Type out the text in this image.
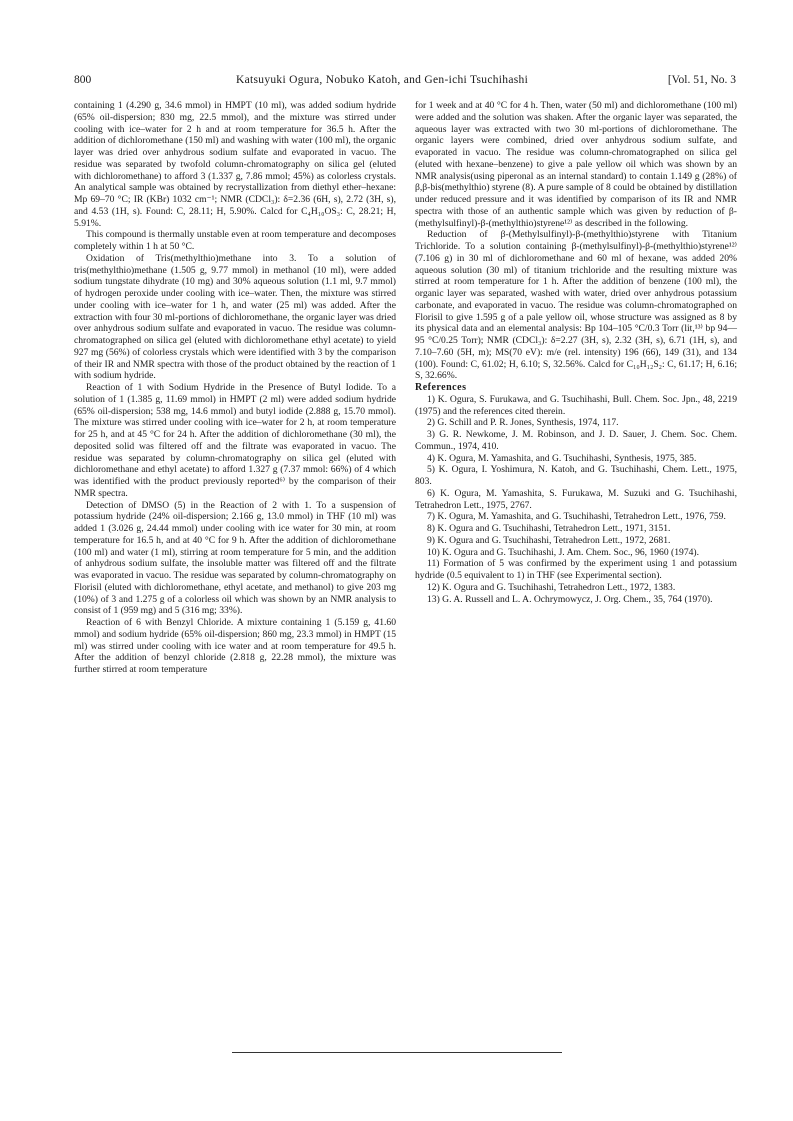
800	Katsuyuki Ogura, Nobuko Katoh, and Gen-ichi Tsuchihashi	[Vol. 51, No. 3

containing 1 (4.290 g, 34.6 mmol) in HMPT (10 ml), was added sodium hydride (65% oil-dispersion; 830 mg, 22.5 mmol), and the mixture was stirred under cooling with ice–water for 2 h and at room temperature for 36.5 h. After the addition of dichloromethane (150 ml) and washing with water (100 ml), the organic layer was dried over anhydrous sodium sulfate and evaporated in vacuo. The residue was separated by twofold column-chromatography on silica gel (eluted with dichloromethane) to afford 3 (1.337 g, 7.86 mmol; 45%) as colorless crystals. An analytical sample was obtained by recrystallization from diethyl ether–hexane: Mp 69–70 °C; IR (KBr) 1032 cm⁻¹; NMR (CDCl₃): δ=2.36 (6H, s), 2.72 (3H, s), and 4.53 (1H, s). Found: C, 28.11; H, 5.90%. Calcd for C₄H₁₀OS₃: C, 28.21; H, 5.91%.

This compound is thermally unstable even at room temperature and decomposes completely within 1 h at 50 °C.

Oxidation of Tris(methylthio)methane into 3. To a solution of tris(methylthio)methane (1.505 g, 9.77 mmol) in methanol (10 ml), were added sodium tungstate dihydrate (10 mg) and 30% aqueous solution (1.1 ml, 9.7 mmol) of hydrogen peroxide under cooling with ice–water. Then, the mixture was stirred under cooling with ice–water for 1 h, and water (25 ml) was added. After the extraction with four 30 ml-portions of dichloromethane, the organic layer was dried over anhydrous sodium sulfate and evaporated in vacuo. The residue was column-chromatographed on silica gel (eluted with dichloromethane ethyl acetate) to yield 927 mg (56%) of colorless crystals which were identified with 3 by the comparison of their IR and NMR spectra with those of the product obtained by the reaction of 1 with sodium hydride.

Reaction of 1 with Sodium Hydride in the Presence of Butyl Iodide. To a solution of 1 (1.385 g, 11.69 mmol) in HMPT (2 ml) were added sodium hydride (65% oil-dispersion; 538 mg, 14.6 mmol) and butyl iodide (2.888 g, 15.70 mmol). The mixture was stirred under cooling with ice–water for 2 h, at room temperature for 25 h, and at 45 °C for 24 h. After the addition of dichloromethane (30 ml), the deposited solid was filtered off and the filtrate was evaporated in vacuo. The residue was separated by column-chromatography on silica gel (eluted with dichloromethane and ethyl acetate) to afford 1.327 g (7.37 mmol: 66%) of 4 which was identified with the product previously reported⁶⁾ by the comparison of their NMR spectra.

Detection of DMSO (5) in the Reaction of 2 with 1. To a suspension of potassium hydride (24% oil-dispersion; 2.166 g, 13.0 mmol) in THF (10 ml) was added 1 (3.026 g, 24.44 mmol) under cooling with ice water for 30 min, at room temperature for 16.5 h, and at 40 °C for 9 h. After the addition of dichloromethane (100 ml) and water (1 ml), stirring at room temperature for 5 min, and the addition of anhydrous sodium sulfate, the insoluble matter was filtered off and the filtrate was evaporated in vacuo. The residue was separated by column-chromatography on Florisil (eluted with dichloromethane, ethyl acetate, and methanol) to give 203 mg (10%) of 3 and 1.275 g of a colorless oil which was shown by an NMR analysis to consist of 1 (959 mg) and 5 (316 mg; 33%).

Reaction of 6 with Benzyl Chloride. A mixture containing 1 (5.159 g, 41.60 mmol) and sodium hydride (65% oil-dispersion; 860 mg, 23.3 mmol) in HMPT (15 ml) was stirred under cooling with ice water and at room temperature for 49.5 h. After the addition of benzyl chloride (2.818 g, 22.28 mmol), the mixture was further stirred at room temperature

for 1 week and at 40 °C for 4 h. Then, water (50 ml) and dichloromethane (100 ml) were added and the solution was shaken. After the organic layer was separated, the aqueous layer was extracted with two 30 ml-portions of dichloromethane. The organic layers were combined, dried over anhydrous sodium sulfate, and evaporated in vacuo. The residue was column-chromatographed on silica gel (eluted with hexane–benzene) to give a pale yellow oil which was shown by an NMR analysis(using piperonal as an internal standard) to contain 1.149 g (28%) of β,β-bis(methylthio) styrene (8). A pure sample of 8 could be obtained by distillation under reduced pressure and it was identified by comparison of its IR and NMR spectra with those of an authentic sample which was given by reduction of β-(methylsulfinyl)-β-(methylthio)styrene¹²⁾ as described in the following.

Reduction of β-(Methylsulfinyl)-β-(methylthio)styrene with Titanium Trichloride. To a solution containing β-(methylsulfinyl)-β-(methylthio)styrene¹²⁾ (7.106 g) in 30 ml of dichloromethane and 60 ml of hexane, was added 20% aqueous solution (30 ml) of titanium trichloride and the resulting mixture was stirred at room temperature for 1 h. After the addition of benzene (100 ml), the organic layer was separated, washed with water, dried over anhydrous potassium carbonate, and evaporated in vacuo. The residue was column-chromatographed on Florisil to give 1.595 g of a pale yellow oil, whose structure was assigned as 8 by its physical data and an elemental analysis: Bp 104–105 °C/0.3 Torr (lit,¹³⁾ bp 94—95 °C/0.25 Torr); NMR (CDCl₃): δ=2.27 (3H, s), 2.32 (3H, s), 6.71 (1H, s), and 7.10–7.60 (5H, m); MS(70 eV): m/e (rel. intensity) 196 (66), 149 (31), and 134 (100). Found: C, 61.02; H, 6.10; S, 32.56%. Calcd for C₁₀H₁₂S₂: C, 61.17; H, 6.16; S, 32.66%.

References

1) K. Ogura, S. Furukawa, and G. Tsuchihashi, Bull. Chem. Soc. Jpn., 48, 2219 (1975) and the references cited therein.

2) G. Schill and P. R. Jones, Synthesis, 1974, 117.

3) G. R. Newkome, J. M. Robinson, and J. D. Sauer, J. Chem. Soc. Chem. Commun., 1974, 410.

4) K. Ogura, M. Yamashita, and G. Tsuchihashi, Synthesis, 1975, 385.

5) K. Ogura, I. Yoshimura, N. Katoh, and G. Tsuchihashi, Chem. Lett., 1975, 803.

6) K. Ogura, M. Yamashita, S. Furukawa, M. Suzuki and G. Tsuchihashi, Tetrahedron Lett., 1975, 2767.

7) K. Ogura, M. Yamashita, and G. Tsuchihashi, Tetrahedron Lett., 1976, 759.

8) K. Ogura and G. Tsuchihashi, Tetrahedron Lett., 1971, 3151.

9) K. Ogura and G. Tsuchihashi, Tetrahedron Lett., 1972, 2681.

10) K. Ogura and G. Tsuchihashi, J. Am. Chem. Soc., 96, 1960 (1974).

11) Formation of 5 was confirmed by the experiment using 1 and potassium hydride (0.5 equivalent to 1) in THF (see Experimental section).

12) K. Ogura and G. Tsuchihashi, Tetrahedron Lett., 1972, 1383.

13) G. A. Russell and L. A. Ochrymowycz, J. Org. Chem., 35, 764 (1970).
